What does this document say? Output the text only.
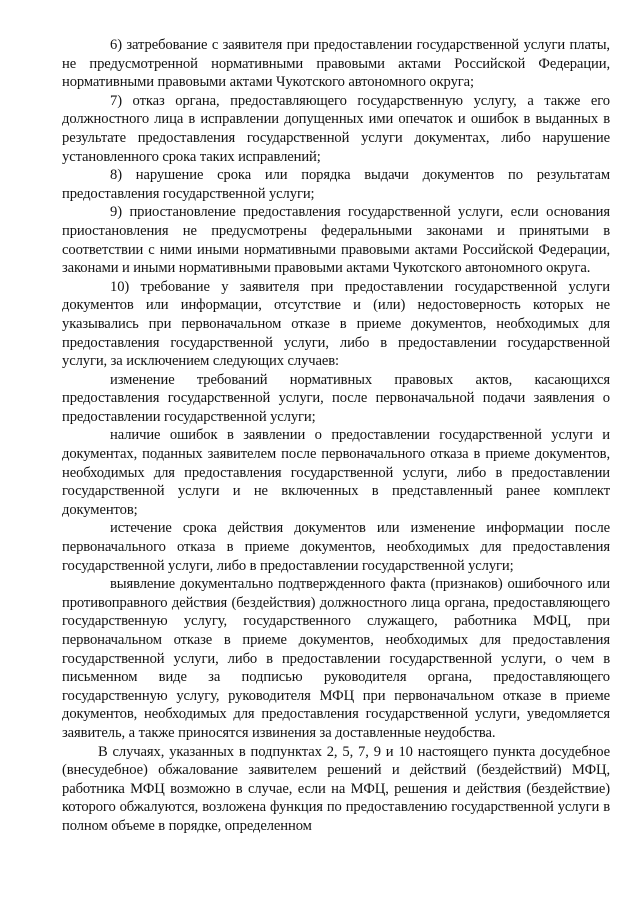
6) затребование с заявителя при предоставлении государственной услуги платы, не предусмотренной нормативными правовыми актами Российской Федерации, нормативными правовыми актами Чукотского автономного округа;

7) отказ органа, предоставляющего государственную услугу, а также его должностного лица в исправлении допущенных ими опечаток и ошибок в выданных в результате предоставления государственной услуги документах, либо нарушение установленного срока таких исправлений;

8) нарушение срока или порядка выдачи документов по результатам предоставления государственной услуги;

9) приостановление предоставления государственной услуги, если основания приостановления не предусмотрены федеральными законами и принятыми в соответствии с ними иными нормативными правовыми актами Российской Федерации, законами и иными нормативными правовыми актами Чукотского автономного округа.

10) требование у заявителя при предоставлении государственной услуги документов или информации, отсутствие и (или) недостоверность которых не указывались при первоначальном отказе в приеме документов, необходимых для предоставления государственной услуги, либо в предоставлении государственной услуги, за исключением следующих случаев:

изменение требований нормативных правовых актов, касающихся предоставления государственной услуги, после первоначальной подачи заявления о предоставлении государственной услуги;

наличие ошибок в заявлении о предоставлении государственной услуги и документах, поданных заявителем после первоначального отказа в приеме документов, необходимых для предоставления государственной услуги, либо в предоставлении государственной услуги и не включенных в представленный ранее комплект документов;

истечение срока действия документов или изменение информации после первоначального отказа в приеме документов, необходимых для предоставления государственной услуги, либо в предоставлении государственной услуги;

выявление документально подтвержденного факта (признаков) ошибочного или противоправного действия (бездействия) должностного лица органа, предоставляющего государственную услугу, государственного служащего, работника МФЦ, при первоначальном отказе в приеме документов, необходимых для предоставления государственной услуги, либо в предоставлении государственной услуги, о чем в письменном виде за подписью руководителя органа, предоставляющего государственную услугу, руководителя МФЦ при первоначальном отказе в приеме документов, необходимых для предоставления государственной услуги, уведомляется заявитель, а также приносятся извинения за доставленные неудобства.

В случаях, указанных в подпунктах 2, 5, 7, 9 и 10 настоящего пункта досудебное (внесудебное) обжалование заявителем решений и действий (бездействий) МФЦ, работника МФЦ возможно в случае, если на МФЦ, решения и действия (бездействие) которого обжалуются, возложена функция по предоставлению государственной услуги в полном объеме в порядке, определенном
